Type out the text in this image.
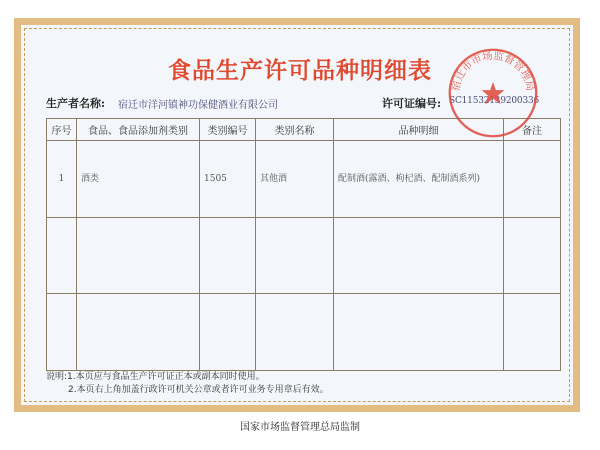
食品生产许可品种明细表
生产者名称: 宿迁市洋河镇神功保健酒业有限公司	许可证编号: SC11532139200336
序号	食品、食品添加剂类别	类别编号	类别名称	品种明细	备注

1	酒类	1505	其他酒	配制酒(露酒、枸杞酒、配制酒系列)	

说明:1.本页应与食品生产许可证正本或副本同时使用。
2.本页右上角加盖行政许可机关公章或者许可业务专用章后有效。
国家市场监督管理总局监制
宿迁市市场监督管理局
